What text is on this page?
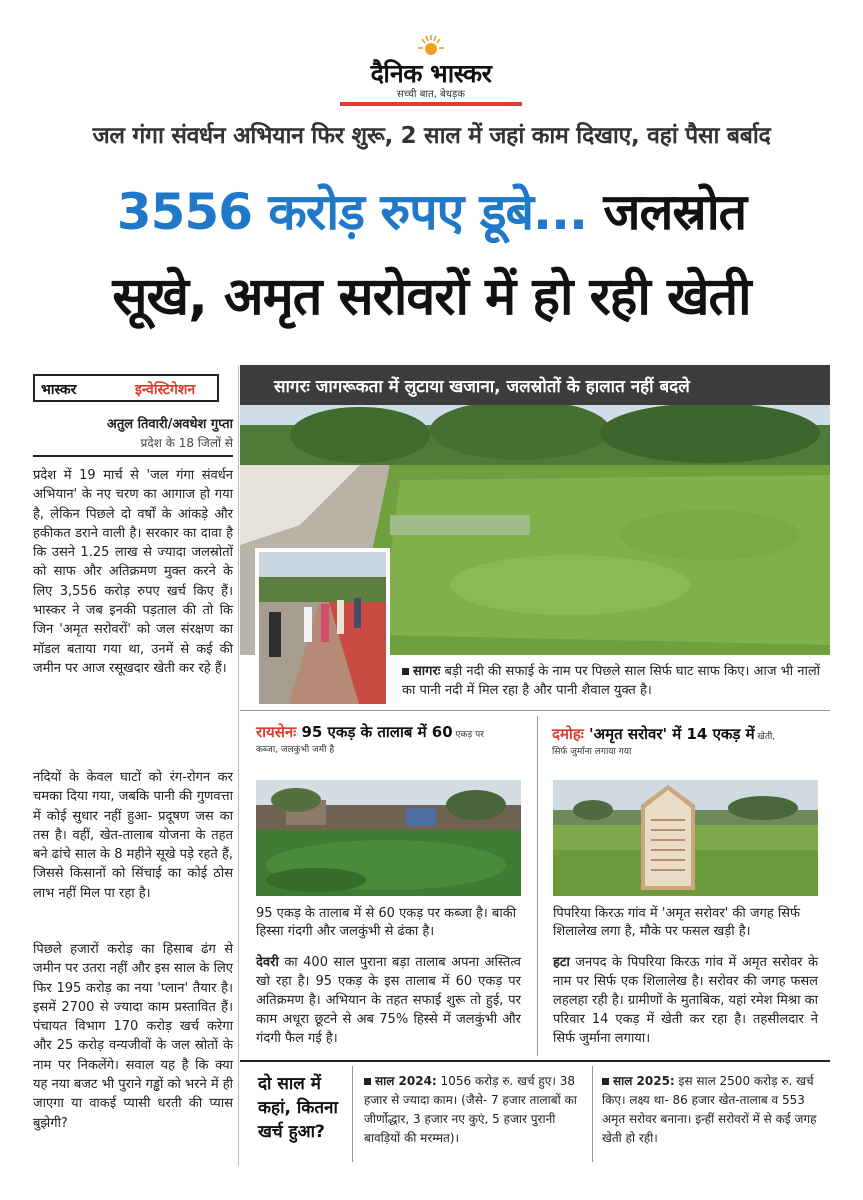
दैनिक भास्कर
सच्ची बात, बेधड़क
जल गंगा संवर्धन अभियान फिर शुरू, 2 साल में जहां काम दिखाए, वहां पैसा बर्बाद
3556 करोड़ रुपए डूबे... जलस्रोत
सूखे, अमृत सरोवरों में हो रही खेती
भास्कर	इन्वेस्टिगेशन
अतुल तिवारी/अवधेश गुप्ता
प्रदेश के 18 जिलों से
प्रदेश में 19 मार्च से 'जल गंगा संवर्धन अभियान' के नए चरण का आगाज हो गया है, लेकिन पिछले दो वर्षों के आंकड़े और हकीकत डराने वाली है। सरकार का दावा है कि उसने 1.25 लाख से ज्यादा जलस्रोतों को साफ और अतिक्रमण मुक्त करने के लिए 3,556 करोड़ रुपए खर्च किए हैं। भास्कर ने जब इनकी पड़ताल की तो कि जिन 'अमृत सरोवरों' को जल संरक्षण का मॉडल बताया गया था, उनमें से कई की जमीन पर आज रसूखदार खेती कर रहे हैं।
नदियों के केवल घाटों को रंग-रोगन कर चमका दिया गया, जबकि पानी की गुणवत्ता में कोई सुधार नहीं हुआ- प्रदूषण जस का तस है। वहीं, खेत-तालाब योजना के तहत बने ढांचे साल के 8 महीने सूखे पड़े रहते हैं, जिससे किसानों को सिंचाई का कोई ठोस लाभ नहीं मिल पा रहा है।
पिछले हजारों करोड़ का हिसाब ढंग से जमीन पर उतरा नहीं और इस साल के लिए फिर 195 करोड़ का नया 'प्लान' तैयार है। इसमें 2700 से ज्यादा काम प्रस्तावित हैं। पंचायत विभाग 170 करोड़ खर्च करेगा और 25 करोड़ वन्यजीवों के जल स्रोतों के नाम पर निकलेंगे। सवाल यह है कि क्या यह नया बजट भी पुराने गड्ढों को भरने में ही जाएगा या वाकई प्यासी धरती की प्यास बुझेगी?
सागरः जागरूकता में लुटाया खजाना, जलस्रोतों के हालात नहीं बदले
सागरः बड़ी नदी की सफाई के नाम पर पिछले साल सिर्फ घाट साफ किए। आज भी नालों का पानी नदी में मिल रहा है और पानी शैवाल युक्त है।
रायसेनः 95 एकड़ के तालाब में 60 एकड़ पर
कब्जा, जलकुंभी जमी है
95 एकड़ के तालाब में से 60 एकड़ पर कब्जा है। बाकी हिस्सा गंदगी और जलकुंभी से ढंका है।
देवरी का 400 साल पुराना बड़ा तालाब अपना अस्तित्व खो रहा है। 95 एकड़ के इस तालाब में 60 एकड़ पर अतिक्रमण है। अभियान के तहत सफाई शुरू तो हुई, पर काम अधूरा छूटने से अब 75% हिस्से में जलकुंभी और गंदगी फैल गई है।
दमोहः 'अमृत सरोवर' में 14 एकड़ में खेती,
सिर्फ जुर्माना लगाया गया
पिपरिया किरऊ गांव में 'अमृत सरोवर' की जगह सिर्फ शिलालेख लगा है, मौके पर फसल खड़ी है।
हटा जनपद के पिपरिया किरऊ गांव में अमृत सरोवर के नाम पर सिर्फ एक शिलालेख है। सरोवर की जगह फसल लहलहा रही है। ग्रामीणों के मुताबिक, यहां रमेश मिश्रा का परिवार 14 एकड़ में खेती कर रहा है। तहसीलदार ने सिर्फ जुर्माना लगाया।
दो साल में कहां, कितना खर्च हुआ?
साल 2024: 1056 करोड़ रु. खर्च हुए। 38 हजार से ज्यादा काम। (जैसे- 7 हजार तालाबों का जीर्णोद्धार, 3 हजार नए कुएं, 5 हजार पुरानी बावड़ियों की मरम्मत)।
साल 2025: इस साल 2500 करोड़ रु. खर्च किए। लक्ष्य था- 86 हजार खेत-तालाब व 553 अमृत सरोवर बनाना। इन्हीं सरोवरों में से कई जगह खेती हो रही।
